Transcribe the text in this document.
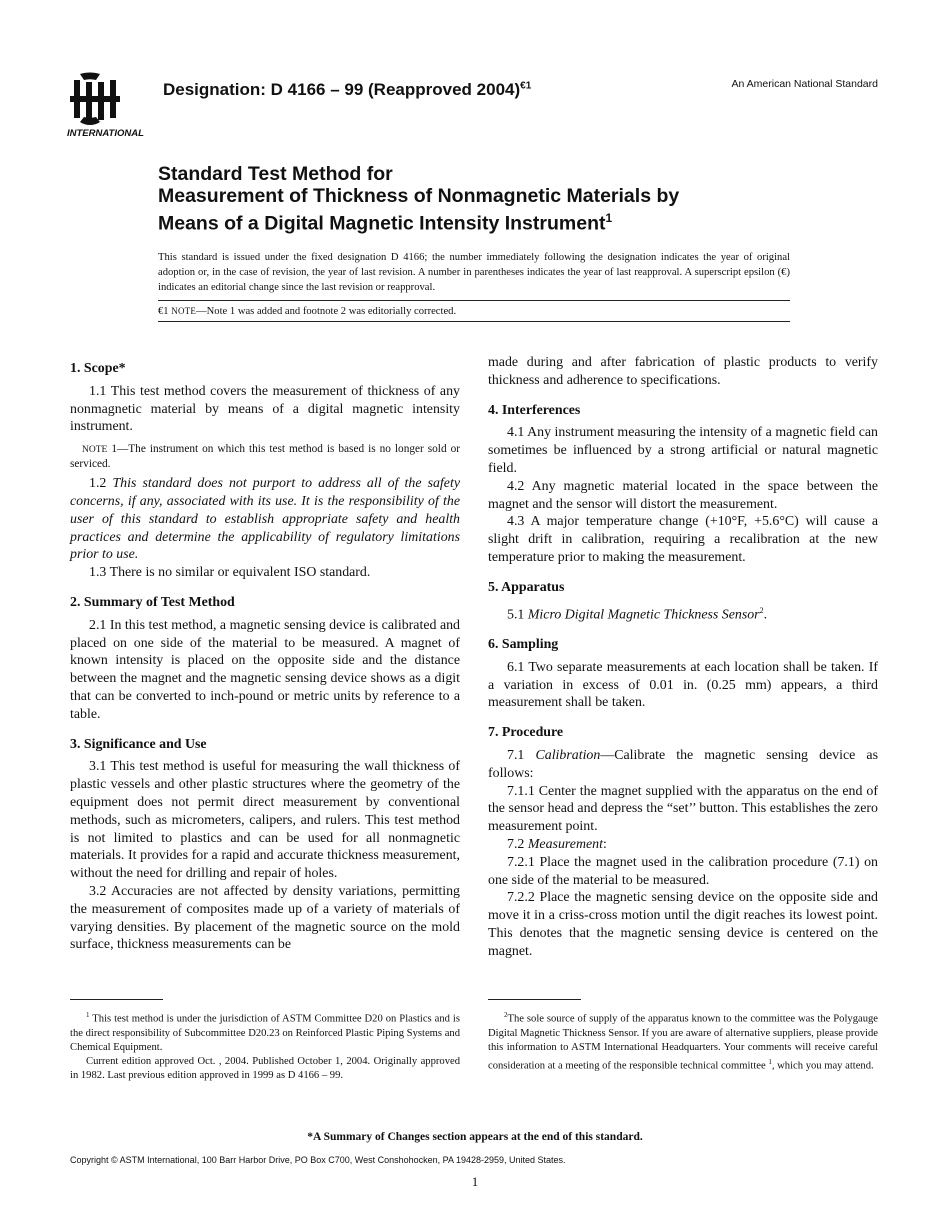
INTERNATIONAL
Designation: D 4166 – 99 (Reapproved 2004)$^{€1}$	An American National Standard
Standard Test Method for
Measurement of Thickness of Nonmagnetic Materials by
Means of a Digital Magnetic Intensity Instrument$^1$
This standard is issued under the fixed designation D 4166; the number immediately following the designation indicates the year of original adoption or, in the case of revision, the year of last revision. A number in parentheses indicates the year of last reapproval. A superscript epsilon (€) indicates an editorial change since the last revision or reapproval.
€1 NOTE—Note 1 was added and footnote 2 was editorially corrected.
1. Scope*

1.1 This test method covers the measurement of thickness of any nonmagnetic material by means of a digital magnetic intensity instrument.

NOTE 1—The instrument on which this test method is based is no longer sold or serviced.

1.2 This standard does not purport to address all of the safety concerns, if any, associated with its use. It is the responsibility of the user of this standard to establish appropriate safety and health practices and determine the applicability of regulatory limitations prior to use.

1.3 There is no similar or equivalent ISO standard.

2. Summary of Test Method

2.1 In this test method, a magnetic sensing device is calibrated and placed on one side of the material to be measured. A magnet of known intensity is placed on the opposite side and the distance between the magnet and the magnetic sensing device shows as a digit that can be converted to inch-pound or metric units by reference to a table.

3. Significance and Use

3.1 This test method is useful for measuring the wall thickness of plastic vessels and other plastic structures where the geometry of the equipment does not permit direct measurement by conventional methods, such as micrometers, calipers, and rulers. This test method is not limited to plastics and can be used for all nonmagnetic materials. It provides for a rapid and accurate thickness measurement, without the need for drilling and repair of holes.

3.2 Accuracies are not affected by density variations, permitting the measurement of composites made up of a variety of materials of varying densities. By placement of the magnetic source on the mold surface, thickness measurements can be

made during and after fabrication of plastic products to verify thickness and adherence to specifications.

4. Interferences

4.1 Any instrument measuring the intensity of a magnetic field can sometimes be influenced by a strong artificial or natural magnetic field.

4.2 Any magnetic material located in the space between the magnet and the sensor will distort the measurement.

4.3 A major temperature change (+10°F, +5.6°C) will cause a slight drift in calibration, requiring a recalibration at the new temperature prior to making the measurement.

5. Apparatus

5.1 Micro Digital Magnetic Thickness Sensor$^2$.

6. Sampling

6.1 Two separate measurements at each location shall be taken. If a variation in excess of 0.01 in. (0.25 mm) appears, a third measurement shall be taken.

7. Procedure

7.1 Calibration—Calibrate the magnetic sensing device as follows:

7.1.1 Center the magnet supplied with the apparatus on the end of the sensor head and depress the “set’’ button. This establishes the zero measurement point.

7.2 Measurement:

7.2.1 Place the magnet used in the calibration procedure (7.1) on one side of the material to be measured.

7.2.2 Place the magnetic sensing device on the opposite side and move it in a criss-cross motion until the digit reaches its lowest point. This denotes that the magnetic sensing device is centered on the magnet.

$^1$ This test method is under the jurisdiction of ASTM Committee D20 on Plastics and is the direct responsibility of Subcommittee D20.23 on Reinforced Plastic Piping Systems and Chemical Equipment.

Current edition approved Oct. , 2004. Published October 1, 2004. Originally approved in 1982. Last previous edition approved in 1999 as D 4166 – 99.

$^2$The sole source of supply of the apparatus known to the committee was the Polygauge Digital Magnetic Thickness Sensor. If you are aware of alternative suppliers, please provide this information to ASTM International Headquarters. Your comments will receive careful consideration at a meeting of the responsible technical committee $^1$, which you may attend.

*A Summary of Changes section appears at the end of this standard.
Copyright © ASTM International, 100 Barr Harbor Drive, PO Box C700, West Conshohocken, PA 19428-2959, United States.
1
